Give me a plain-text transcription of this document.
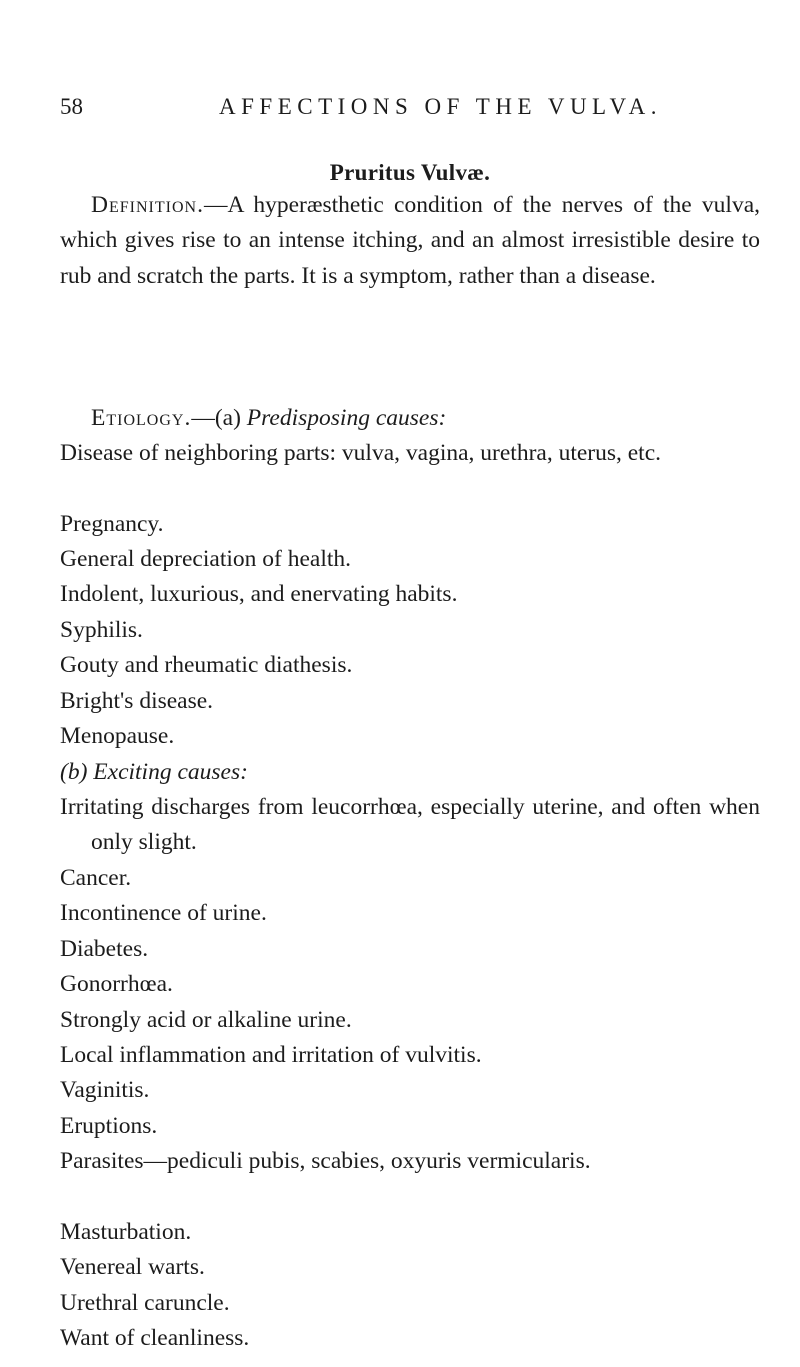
58	AFFECTIONS OF THE VULVA.
Pruritus Vulvæ.
Definition.—A hyperæsthetic condition of the nerves of the vulva, which gives rise to an intense itching, and an almost irresistible desire to rub and scratch the parts. It is a symptom, rather than a disease.
Etiology.—(a) Predisposing causes:
Disease of neighboring parts: vulva, vagina, urethra, uterus, etc.
Pregnancy.
General depreciation of health.
Indolent, luxurious, and enervating habits.
Syphilis.
Gouty and rheumatic diathesis.
Bright's disease.
Menopause.
(b) Exciting causes:
Irritating discharges from leucorrhœa, especially uterine, and often when only slight.
Cancer.
Incontinence of urine.
Diabetes.
Gonorrhœa.
Strongly acid or alkaline urine.
Local inflammation and irritation of vulvitis.
Vaginitis.
Eruptions.
Parasites—pediculi pubis, scabies, oxyuris vermicularis.
Masturbation.
Venereal warts.
Urethral caruncle.
Want of cleanliness.
